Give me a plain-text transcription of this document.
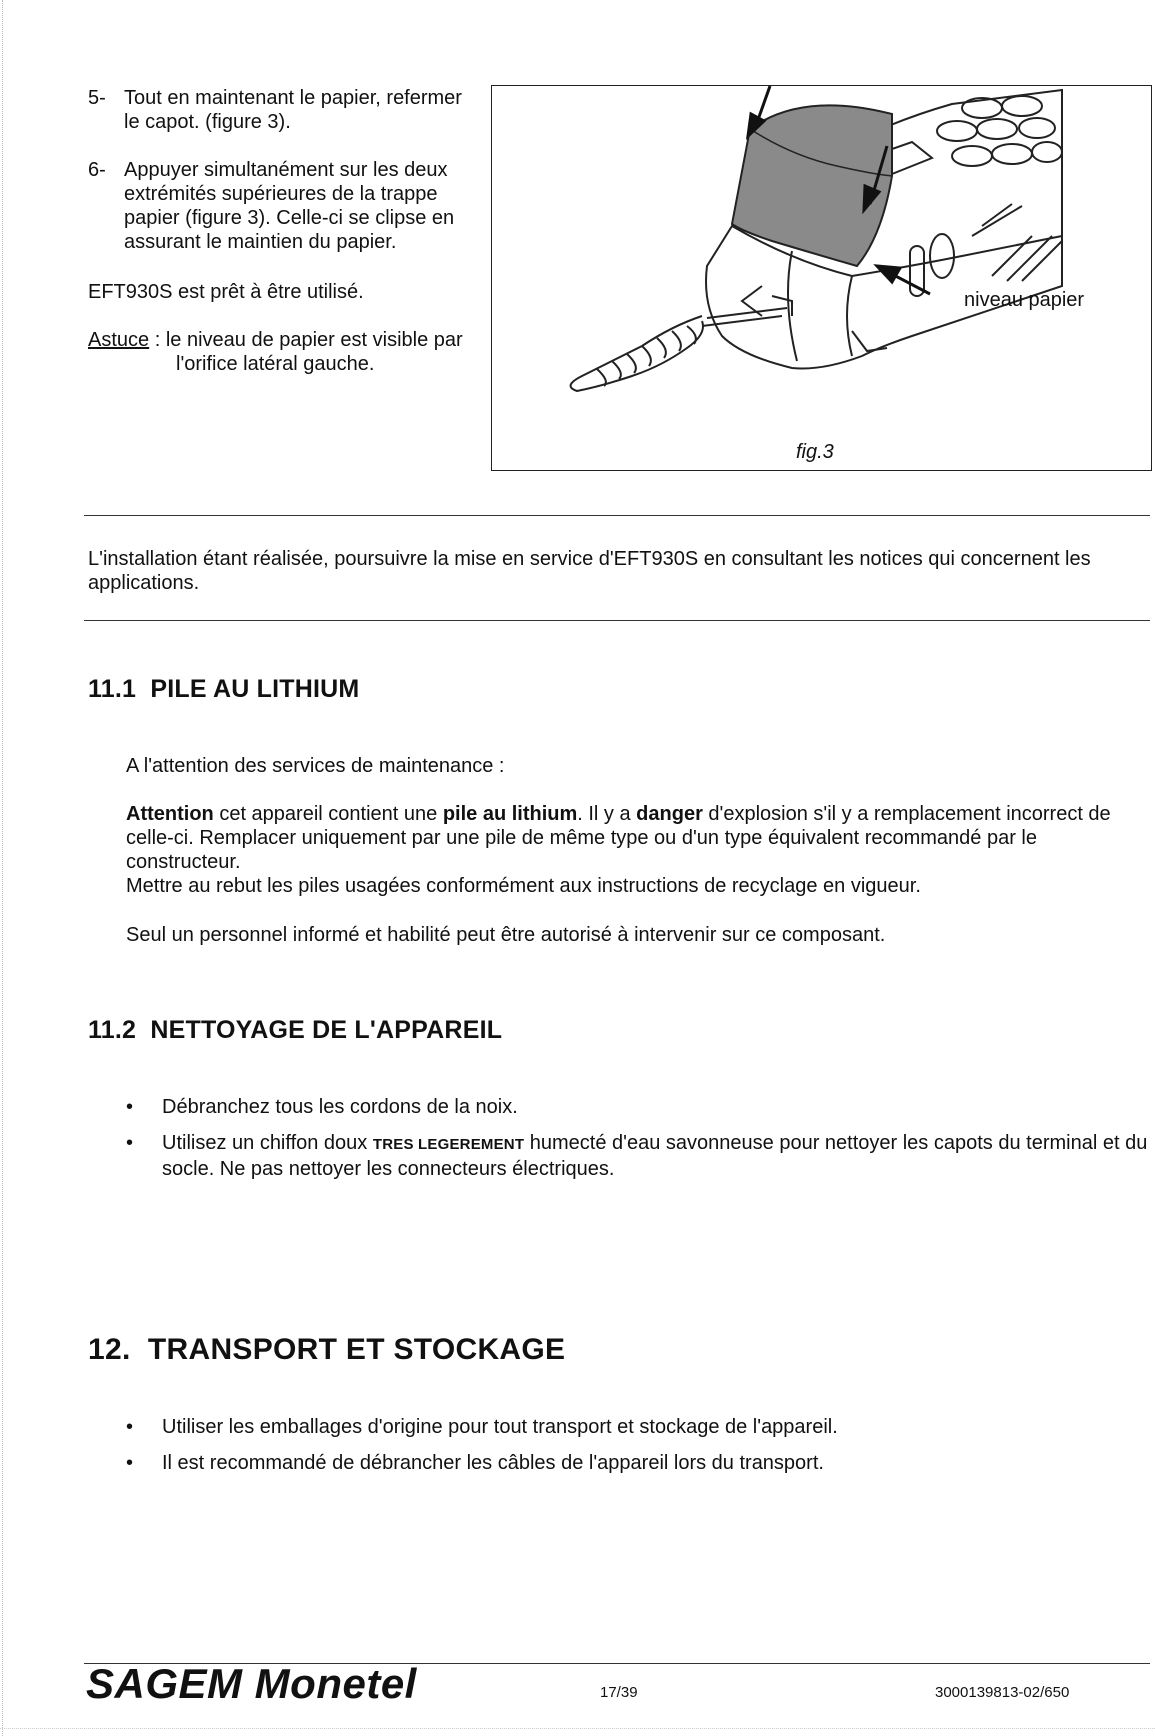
5- Tout en maintenant le papier, refermer le capot. (figure 3).
6- Appuyer simultanément sur les deux extrémités supérieures de la trappe papier (figure 3). Celle-ci se clipse en assurant le maintien du papier.
EFT930S est prêt à être utilisé.
Astuce : le niveau de papier est visible par
l'orifice latéral gauche.
niveau papier
fig.3
L'installation étant réalisée, poursuivre la mise en service d'EFT930S en consultant les notices qui concernent les applications.
11.1 PILE AU LITHIUM
A l'attention des services de maintenance :
Attention cet appareil contient une pile au lithium. Il y a danger d'explosion s'il y a remplacement incorrect de celle-ci. Remplacer uniquement par une pile de même type ou d'un type équivalent recommandé par le constructeur.
Mettre au rebut les piles usagées conformément aux instructions de recyclage en vigueur.
Seul un personnel informé et habilité peut être autorisé à intervenir sur ce composant.
11.2 NETTOYAGE DE L'APPAREIL
•	Débranchez tous les cordons de la noix.
•	Utilisez un chiffon doux TRES LEGEREMENT humecté d'eau savonneuse pour nettoyer les capots du terminal et du socle. Ne pas nettoyer les connecteurs électriques.
12. TRANSPORT ET STOCKAGE
•	Utiliser les emballages d'origine pour tout transport et stockage de l'appareil.
•	Il est recommandé de débrancher les câbles de l'appareil lors du transport.
SAGEM Monetel	17/39	3000139813-02/650
